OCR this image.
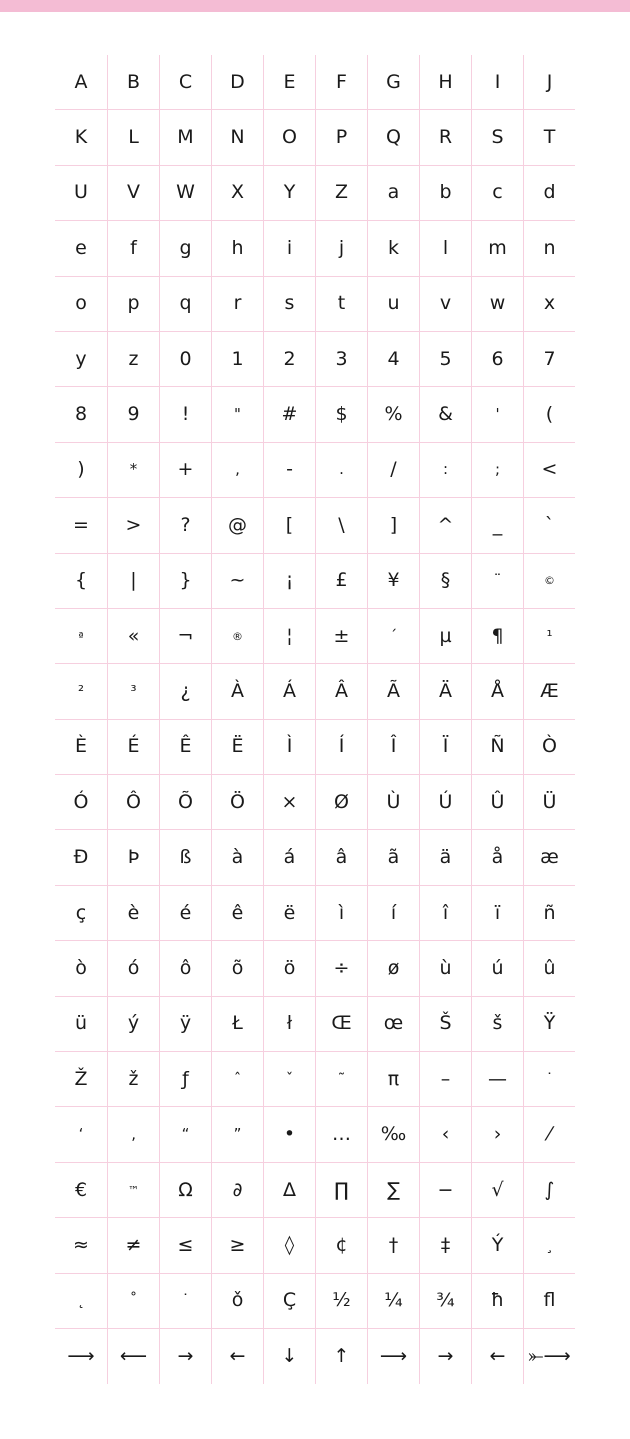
A	B	C	D	E	F	G	H	I	J
K	L	M	N	O	P	Q	R	S	T
U	V	W	X	Y	Z	a	b	c	d
e	f	g	h	i	j	k	l	m	n
o	p	q	r	s	t	u	v	w	x
y	z	0	1	2	3	4	5	6	7
8	9	!	"	#	$	%	&	'	(
)	*	+	,	-	.	/	:	;	<
=	>	?	@	[	\	]	^	_	`
{	|	}	~	¡	£	¥	§	¨	©
ª	«	¬	®	¦	±	´	µ	¶	¹
²	³	¿	À	Á	Â	Ã	Ä	Å	Æ
È	É	Ê	Ë	Ì	Í	Î	Ï	Ñ	Ò
Ó	Ô	Õ	Ö	×	Ø	Ù	Ú	Û	Ü
Ð	Þ	ß	à	á	â	ã	ä	å	æ
ç	è	é	ê	ë	ì	í	î	ï	ñ
ò	ó	ô	õ	ö	÷	ø	ù	ú	û
ü	ý	ÿ	Ł	ł	Œ	œ	Š	š	Ÿ
Ž	ž	ƒ	ˆ	ˇ	˜	π	–	—	˙
‘	‚	“	”	•	…	‰	‹	›	⁄
€	™	Ω	∂	∆	∏	∑	−	√	∫
≈	≠	≤	≥	◊	¢	†	‡	Ý	¸
˛	˚	˙	ǒ	Ç	½	¼	¾	ħ	ﬂ
⟶	⟵	→	←	↓	↑	⟶	→	←	⤜⟶
